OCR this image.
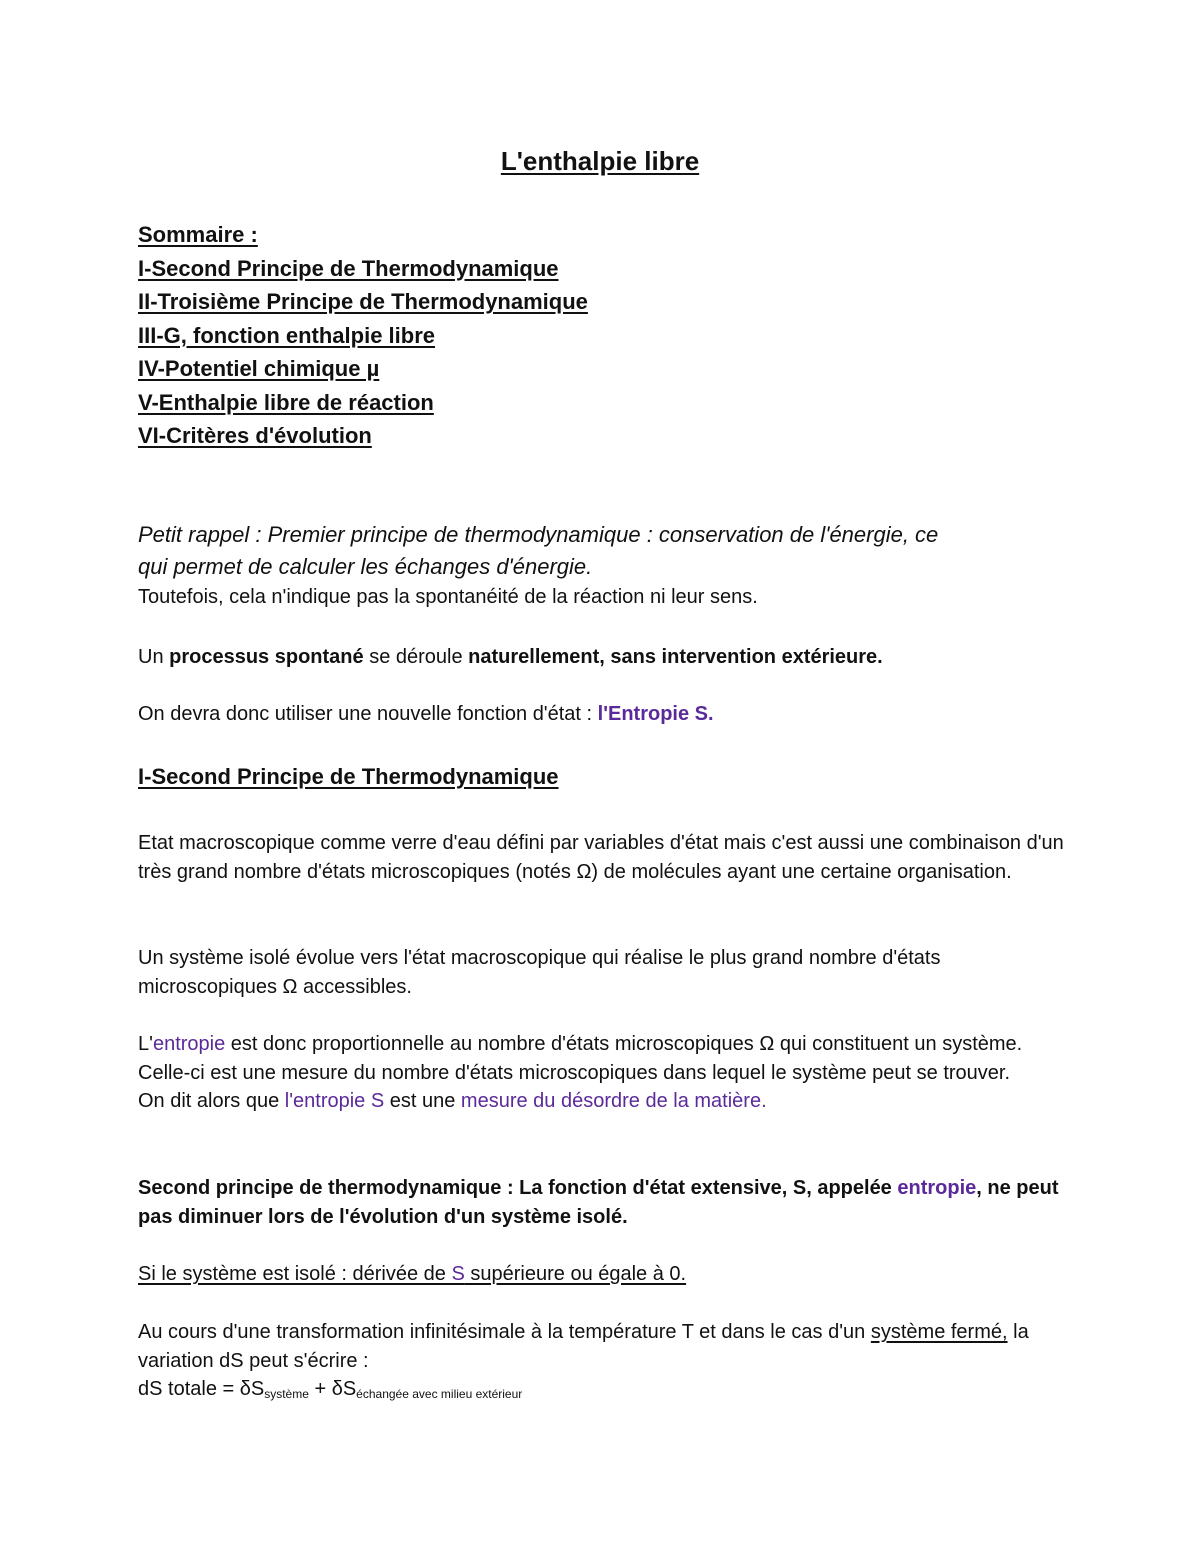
L'enthalpie libre
Sommaire :
I-Second Principe de Thermodynamique
II-Troisième Principe de Thermodynamique
III-G, fonction enthalpie libre
IV-Potentiel chimique µ
V-Enthalpie libre de réaction
VI-Critères d'évolution
Petit rappel : Premier principe de thermodynamique : conservation de l'énergie, ce
qui permet de calculer les échanges d'énergie.
Toutefois, cela n'indique pas la spontanéité de la réaction ni leur sens.

Un processus spontané se déroule naturellement, sans intervention extérieure.

On devra donc utiliser une nouvelle fonction d'état : l'Entropie S.

I-Second Principe de Thermodynamique

Etat macroscopique comme verre d'eau défini par variables d'état mais c'est aussi une combinaison d'un très grand nombre d'états microscopiques (notés Ω) de molécules ayant une certaine organisation.

Un système isolé évolue vers l'état macroscopique qui réalise le plus grand nombre d'états microscopiques Ω accessibles.

L'entropie est donc proportionnelle au nombre d'états microscopiques Ω qui constituent un système. Celle-ci est une mesure du nombre d'états microscopiques dans lequel le système peut se trouver.

On dit alors que l'entropie S est une mesure du désordre de la matière.

Second principe de thermodynamique : La fonction d'état extensive, S, appelée entropie, ne peut pas diminuer lors de l'évolution d'un système isolé.

Si le système est isolé : dérivée de S supérieure ou égale à 0.

Au cours d'une transformation infinitésimale à la température T et dans le cas d'un système fermé, la variation dS peut s'écrire :

dS totale = $\delta S_{système} + \delta S_{échangée avec milieu extérieur}$
